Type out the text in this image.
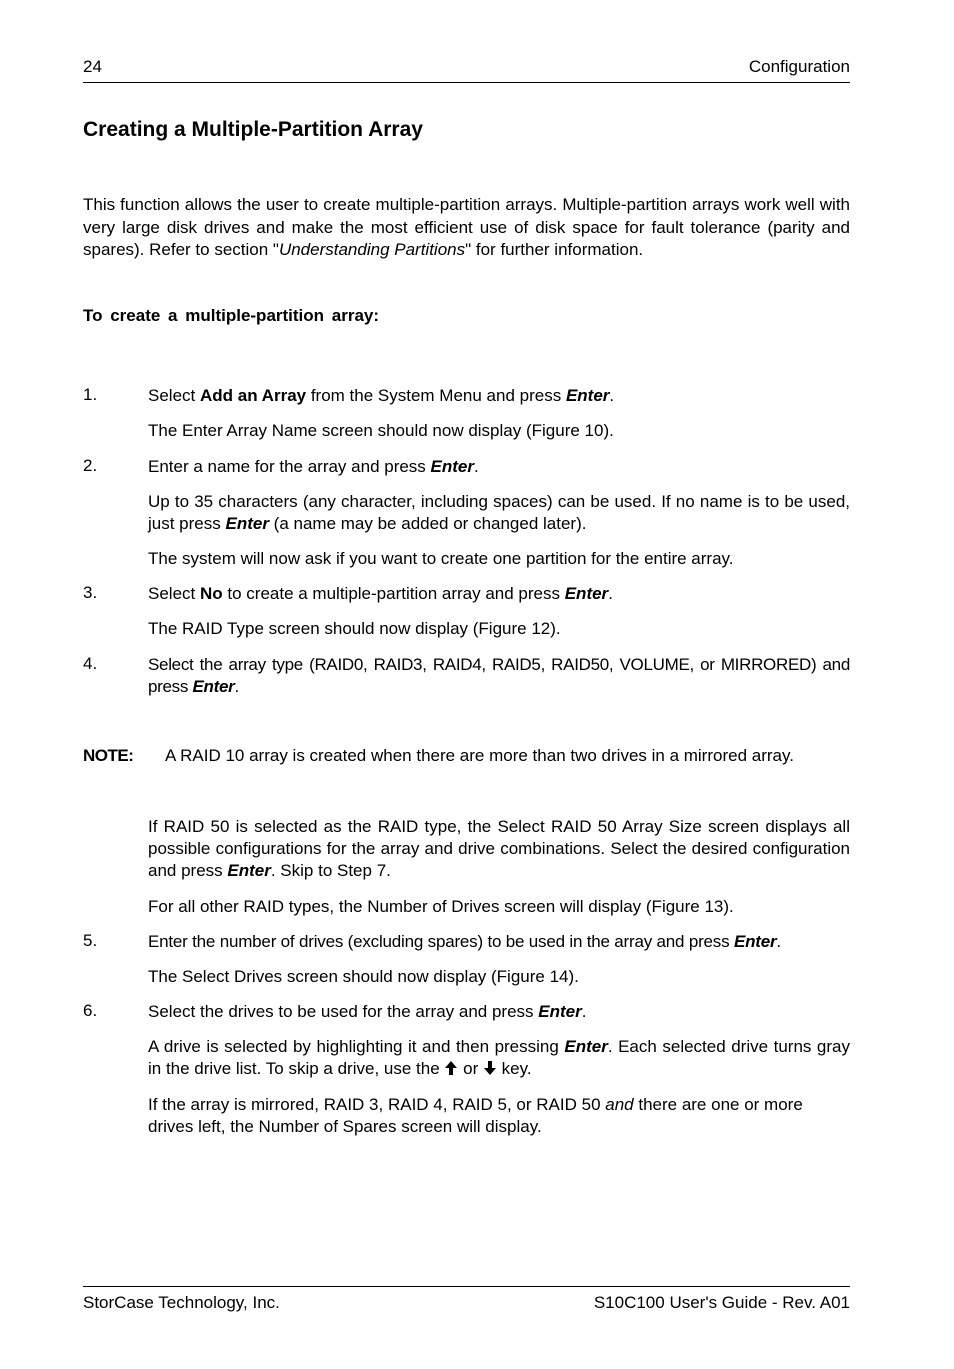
24	Configuration
Creating a Multiple-Partition Array

This function allows the user to create multiple-partition arrays. Multiple-partition arrays work well with very large disk drives and make the most efficient use of disk space for fault tolerance (parity and spares). Refer to section "Understanding Partitions" for further information.

To create a multiple-partition array:

1.	Select Add an Array from the System Menu and press Enter.

The Enter Array Name screen should now display (Figure 10).

2.	Enter a name for the array and press Enter.

Up to 35 characters (any character, including spaces) can be used. If no name is to be used, just press Enter (a name may be added or changed later).

The system will now ask if you want to create one partition for the entire array.

3.	Select No to create a multiple-partition array and press Enter.

The RAID Type screen should now display (Figure 12).

4.	Select the array type (RAID0, RAID3, RAID4, RAID5, RAID50, VOLUME, or MIRRORED) and press Enter.

NOTE: A RAID 10 array is created when there are more than two drives in a mirrored array.

If RAID 50 is selected as the RAID type, the Select RAID 50 Array Size screen displays all possible configurations for the array and drive combinations. Select the desired configuration and press Enter. Skip to Step 7.

For all other RAID types, the Number of Drives screen will display (Figure 13).

5.	Enter the number of drives (excluding spares) to be used in the array and press Enter.

The Select Drives screen should now display (Figure 14).

6.	Select the drives to be used for the array and press Enter.

A drive is selected by highlighting it and then pressing Enter. Each selected drive turns gray in the drive list. To skip a drive, use the  or  key.

If the array is mirrored, RAID 3, RAID 4, RAID 5, or RAID 50 and there are one or more drives left, the Number of Spares screen will display.

StorCase Technology, Inc.	S10C100 User's Guide - Rev. A01
